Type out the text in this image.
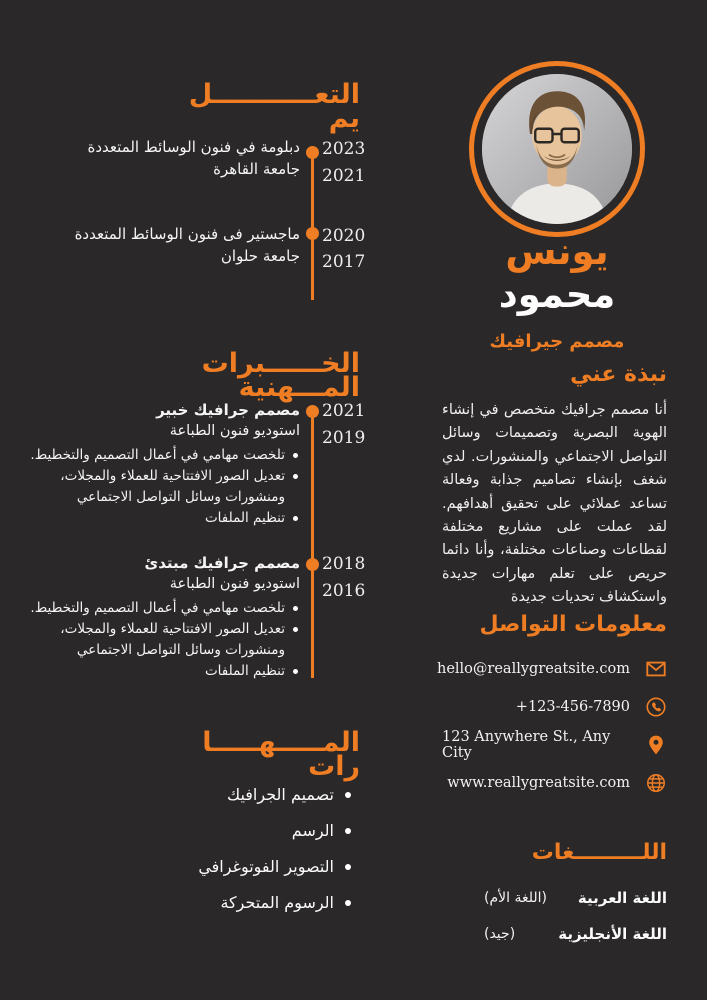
يونس
محمود
مصمم جيرافيك
نبذة عني

أنا مصمم جرافيك متخصص في إنشاء الهوية البصرية وتصميمات وسائل التواصل الاجتماعي والمنشورات. لدي شغف بإنشاء تصاميم جذابة وفعالة تساعد عملائي على تحقيق أهدافهم. لقد عملت على مشاريع مختلفة لقطاعات وصناعات مختلفة، وأنا دائما حريص على تعلم مهارات جديدة واستكشاف تحديات جديدة

معلومات التواصل
hello@reallygreatsite.com
+123-456-7890
123 Anywhere St., Any City
www.reallygreatsite.com
اللـــــــــغات
اللغة العربية
(اللغة الأم)
اللغة الأنجليزية
(جيد)
التعـــــــــــل
يم
2023
2021
دبلومة في فنون الوسائط المتعددة
جامعة القاهرة
2020
2017
ماجستير فى فنون الوسائط المتعددة
جامعة حلوان
الخــــــبرات
المـــهنية
2021
2019
مصمم جرافيك خبير
استوديو فنون الطباعة
تلخصت مهامي في أعمال التصميم والتخطيط.
تعديل الصور الافتتاحية للعملاء والمجلات، ومنشورات وسائل التواصل الاجتماعي
تنظيم الملفات
2018
2016
مصمم جرافيك مبتدئ
استوديو فنون الطباعة
تلخصت مهامي في أعمال التصميم والتخطيط.
تعديل الصور الافتتاحية للعملاء والمجلات، ومنشورات وسائل التواصل الاجتماعي
تنظيم الملفات
المـــــهـــــا
رات
تصميم الجرافيك
الرسم
التصوير الفوتوغرافي
الرسوم المتحركة
